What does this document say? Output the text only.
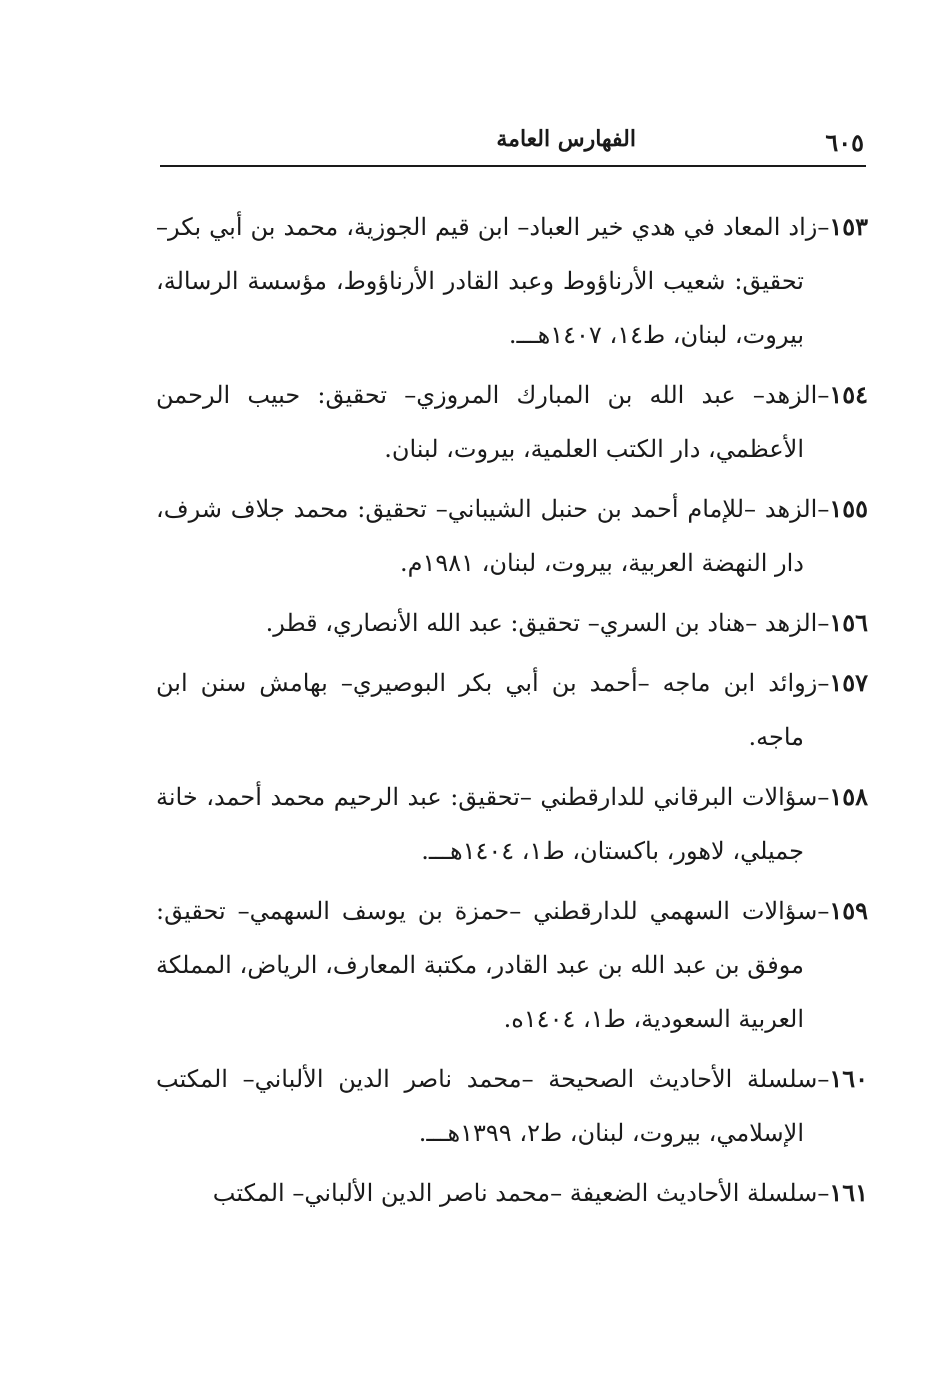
٦٠٥
الفهارس العامة

١٥٣–زاد المعاد في هدي خير العباد– ابن قيم الجوزية، محمد بن أبي بكر– تحقيق: شعيب الأرناؤوط وعبد القادر الأرناؤوط، مؤسسة الرسالة، بيروت، لبنان، ط١٤، ١٤٠٧هـــ.

١٥٤–الزهد– عبد الله بن المبارك المروزي– تحقيق: حبيب الرحمن الأعظمي، دار الكتب العلمية، بيروت، لبنان.

١٥٥–الزهد –للإمام أحمد بن حنبل الشيباني– تحقيق: محمد جلاف شرف، دار النهضة العربية، بيروت، لبنان، ١٩٨١م.

١٥٦–الزهد –هناد بن السري– تحقيق: عبد الله الأنصاري، قطر.

١٥٧–زوائد ابن ماجه –أحمد بن أبي بكر البوصيري– بهامش سنن ابن ماجه.

١٥٨–سؤالات البرقاني للدارقطني –تحقيق: عبد الرحيم محمد أحمد، خانة جميلي، لاهور، باكستان، ط١، ١٤٠٤هـــ.

١٥٩–سؤالات السهمي للدارقطني –حمزة بن يوسف السهمي– تحقيق: موفق بن عبد الله بن عبد القادر، مكتبة المعارف، الرياض، المملكة العربية السعودية، ط١، ١٤٠٤ه.

١٦٠–سلسلة الأحاديث الصحيحة –محمد ناصر الدين الألباني– المكتب الإسلامي، بيروت، لبنان، ط٢، ١٣٩٩هـــ.

١٦١–سلسلة الأحاديث الضعيفة –محمد ناصر الدين الألباني– المكتب
